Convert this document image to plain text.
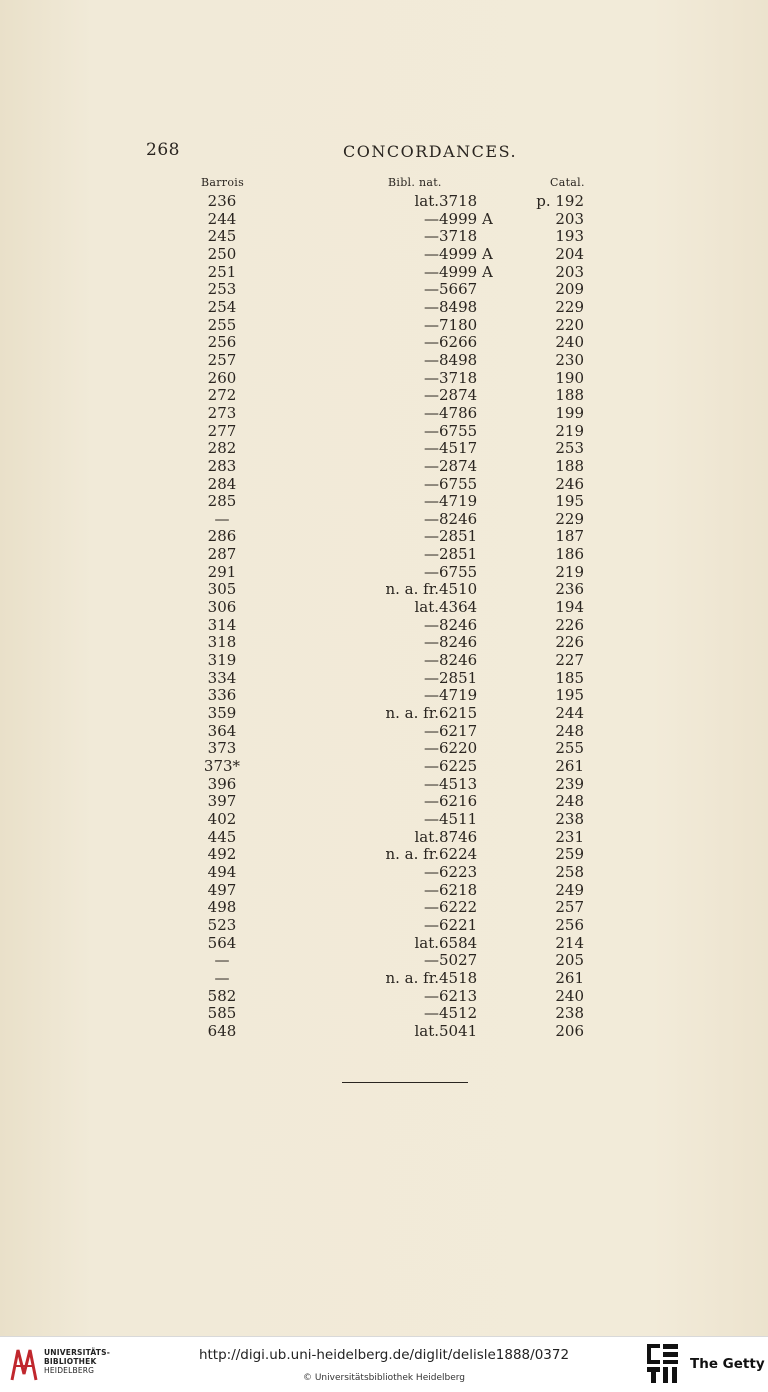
268	CONCORDANCES.
Barrois	Bibl. nat.	Catal.
236	lat.	3718	p. 192
244	—	4999 A	203
245	—	3718	193
250	—	4999 A	204
251	—	4999 A	203
253	—	5667	209
254	—	8498	229
255	—	7180	220
256	—	6266	240
257	—	8498	230
260	—	3718	190
272	—	2874	188
273	—	4786	199
277	—	6755	219
282	—	4517	253
283	—	2874	188
284	—	6755	246
285	—	4719	195
—	—	8246	229
286	—	2851	187
287	—	2851	186
291	—	6755	219
305	n. a. fr.	4510	236
306	lat.	4364	194
314	—	8246	226
318	—	8246	226
319	—	8246	227
334	—	2851	185
336	—	4719	195
359	n. a. fr.	6215	244
364	—	6217	248
373	—	6220	255
373*	—	6225	261
396	—	4513	239
397	—	6216	248
402	—	4511	238
445	lat.	8746	231
492	n. a. fr.	6224	259
494	—	6223	258
497	—	6218	249
498	—	6222	257
523	—	6221	256
564	lat.	6584	214
—	—	5027	205
—	n. a. fr.	4518	261
582	—	6213	240
585	—	4512	238
648	lat.	5041	206
UNIVERSITÄTS-
BIBLIOTHEK
HEIDELBERG
http://digi.ub.uni-heidelberg.de/diglit/delisle1888/0372
© Universitätsbibliothek Heidelberg
The Getty
